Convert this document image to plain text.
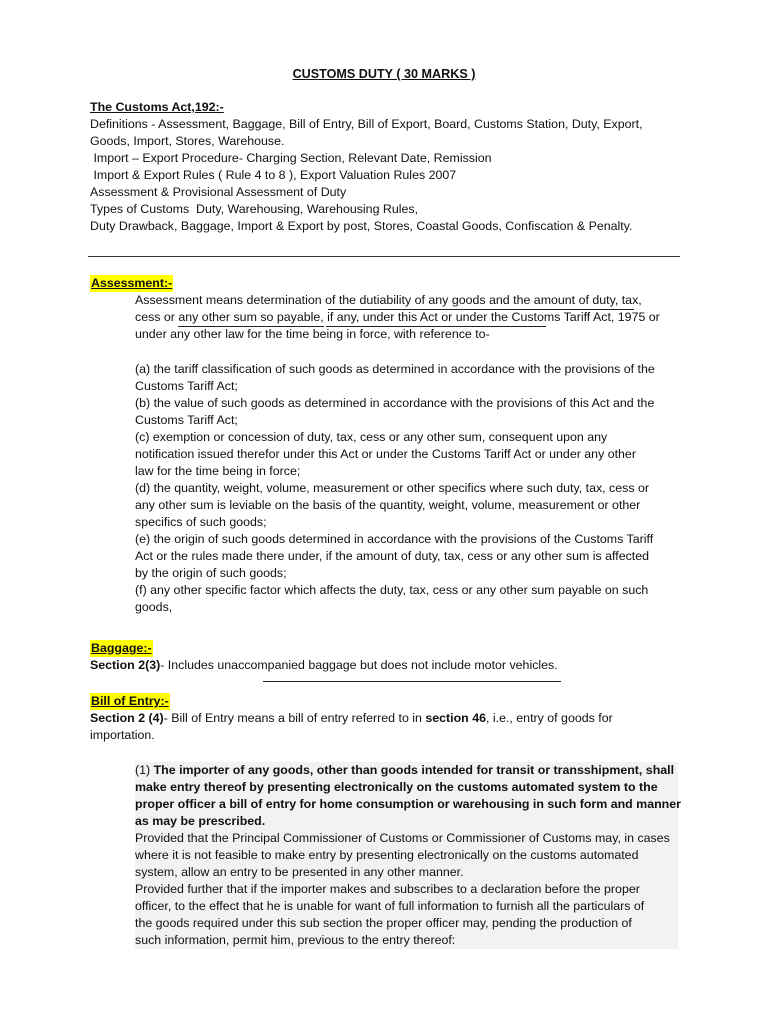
CUSTOMS DUTY ( 30 MARKS )
The Customs Act,192:-
Definitions - Assessment, Baggage, Bill of Entry, Bill of Export, Board, Customs Station, Duty, Export,
Goods, Import, Stores, Warehouse.
Import – Export Procedure- Charging Section, Relevant Date, Remission
Import & Export Rules ( Rule 4 to 8 ), Export Valuation Rules 2007
Assessment & Provisional Assessment of Duty
Types of Customs  Duty, Warehousing, Warehousing Rules,
Duty Drawback, Baggage, Import & Export by post, Stores, Coastal Goods, Confiscation & Penalty.
Assessment:-
Assessment means determination of the dutiability of any goods and the amount of duty, tax,
cess or any other sum so payable, if any, under this Act or under the Customs Tariff Act, 1975 or
under any other law for the time being in force, with reference to-
(a) the tariff classification of such goods as determined in accordance with the provisions of the
Customs Tariff Act;
(b) the value of such goods as determined in accordance with the provisions of this Act and the
Customs Tariff Act;
(c) exemption or concession of duty, tax, cess or any other sum, consequent upon any
notification issued therefor under this Act or under the Customs Tariff Act or under any other
law for the time being in force;
(d) the quantity, weight, volume, measurement or other specifics where such duty, tax, cess or
any other sum is leviable on the basis of the quantity, weight, volume, measurement or other
specifics of such goods;
(e) the origin of such goods determined in accordance with the provisions of the Customs Tariff
Act or the rules made there under, if the amount of duty, tax, cess or any other sum is affected
by the origin of such goods;
(f) any other specific factor which affects the duty, tax, cess or any other sum payable on such
goods,
Baggage:-
Section 2(3)- Includes unaccompanied baggage but does not include motor vehicles.
Bill of Entry:-
Section 2 (4)- Bill of Entry means a bill of entry referred to in section 46, i.e., entry of goods for
importation.
(1) The importer of any goods, other than goods intended for transit or transshipment, shall
make entry thereof by presenting electronically on the customs automated system to the
proper officer a bill of entry for home consumption or warehousing in such form and manner
as may be prescribed.
Provided that the Principal Commissioner of Customs or Commissioner of Customs may, in cases
where it is not feasible to make entry by presenting electronically on the customs automated
system, allow an entry to be presented in any other manner.
Provided further that if the importer makes and subscribes to a declaration before the proper
officer, to the effect that he is unable for want of full information to furnish all the particulars of
the goods required under this sub section the proper officer may, pending the production of
such information, permit him, previous to the entry thereof:
